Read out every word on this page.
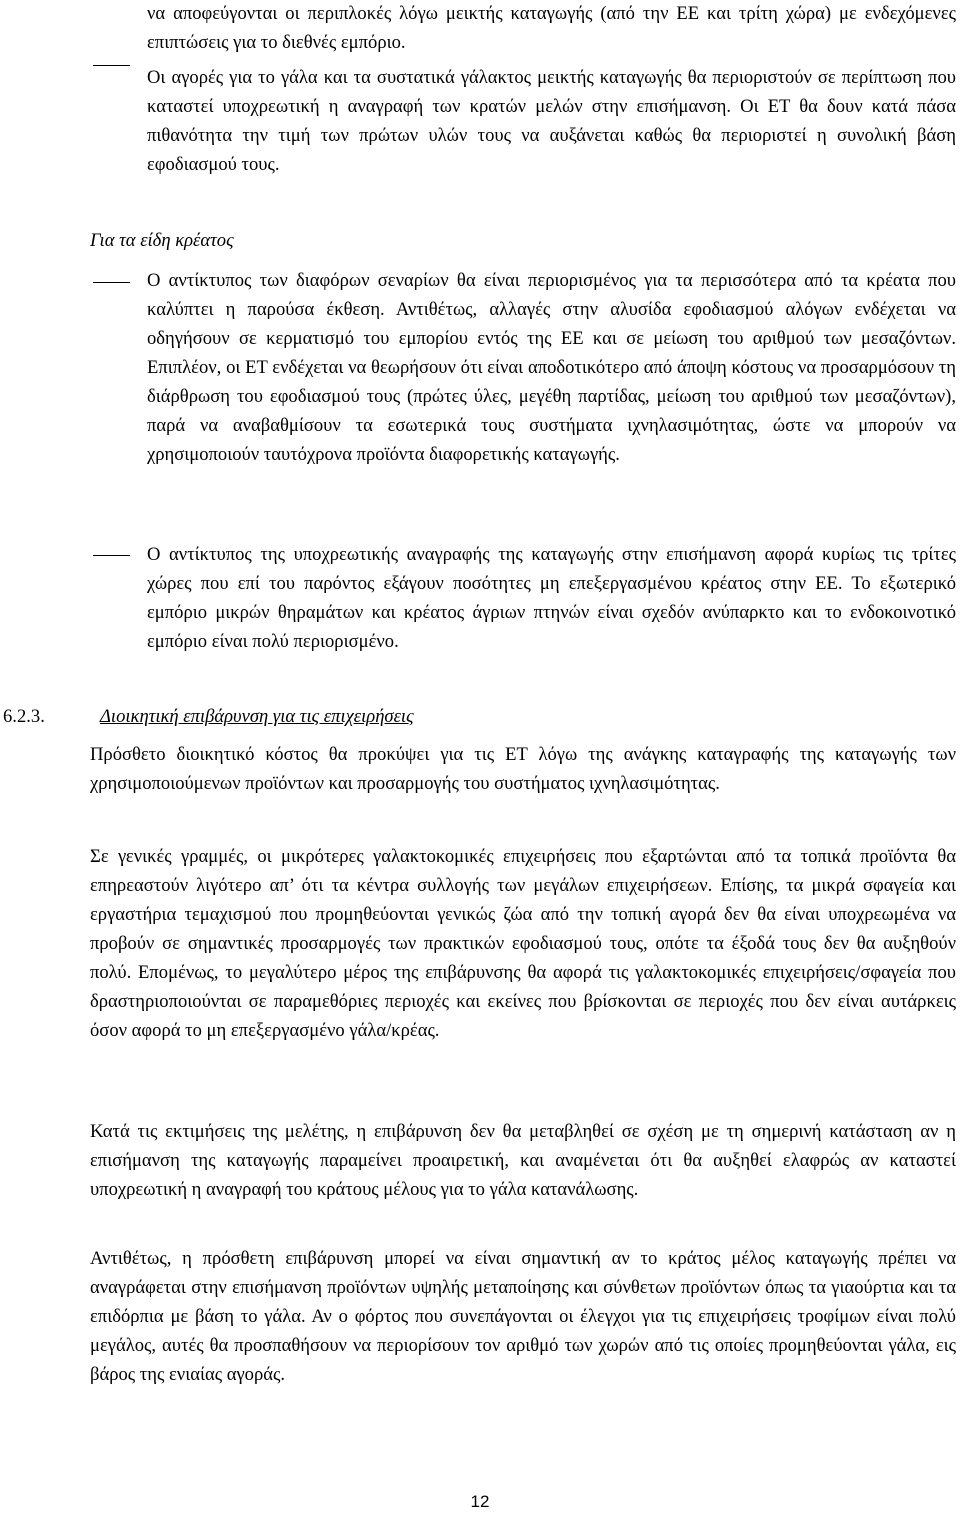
να αποφεύγονται οι περιπλοκές λόγω μεικτής καταγωγής (από την ΕΕ και τρίτη χώρα) με ενδεχόμενες επιπτώσεις για το διεθνές εμπόριο.

Οι αγορές για το γάλα και τα συστατικά γάλακτος μεικτής καταγωγής θα περιοριστούν σε περίπτωση που καταστεί υποχρεωτική η αναγραφή των κρατών μελών στην επισήμανση. Οι ΕΤ θα δουν κατά πάσα πιθανότητα την τιμή των πρώτων υλών τους να αυξάνεται καθώς θα περιοριστεί η συνολική βάση εφοδιασμού τους.

Για τα είδη κρέατος

Ο αντίκτυπος των διαφόρων σεναρίων θα είναι περιορισμένος για τα περισσότερα από τα κρέατα που καλύπτει η παρούσα έκθεση. Αντιθέτως, αλλαγές στην αλυσίδα εφοδιασμού αλόγων ενδέχεται να οδηγήσουν σε κερματισμό του εμπορίου εντός της ΕΕ και σε μείωση του αριθμού των μεσαζόντων. Επιπλέον, οι ΕΤ ενδέχεται να θεωρήσουν ότι είναι αποδοτικότερο από άποψη κόστους να προσαρμόσουν τη διάρθρωση του εφοδιασμού τους (πρώτες ύλες, μεγέθη παρτίδας, μείωση του αριθμού των μεσαζόντων), παρά να αναβαθμίσουν τα εσωτερικά τους συστήματα ιχνηλασιμότητας, ώστε να μπορούν να χρησιμοποιούν ταυτόχρονα προϊόντα διαφορετικής καταγωγής.

Ο αντίκτυπος της υποχρεωτικής αναγραφής της καταγωγής στην επισήμανση αφορά κυρίως τις τρίτες χώρες που επί του παρόντος εξάγουν ποσότητες μη επεξεργασμένου κρέατος στην ΕΕ. Το εξωτερικό εμπόριο μικρών θηραμάτων και κρέατος άγριων πτηνών είναι σχεδόν ανύπαρκτο και το ενδοκοινοτικό εμπόριο είναι πολύ περιορισμένο.

6.2.3.	Διοικητική επιβάρυνση για τις επιχειρήσεις

Πρόσθετο διοικητικό κόστος θα προκύψει για τις ΕΤ λόγω της ανάγκης καταγραφής της καταγωγής των χρησιμοποιούμενων προϊόντων και προσαρμογής του συστήματος ιχνηλασιμότητας.

Σε γενικές γραμμές, οι μικρότερες γαλακτοκομικές επιχειρήσεις που εξαρτώνται από τα τοπικά προϊόντα θα επηρεαστούν λιγότερο απ’ ότι τα κέντρα συλλογής των μεγάλων επιχειρήσεων. Επίσης, τα μικρά σφαγεία και εργαστήρια τεμαχισμού που προμηθεύονται γενικώς ζώα από την τοπική αγορά δεν θα είναι υποχρεωμένα να προβούν σε σημαντικές προσαρμογές των πρακτικών εφοδιασμού τους, οπότε τα έξοδά τους δεν θα αυξηθούν πολύ. Επομένως, το μεγαλύτερο μέρος της επιβάρυνσης θα αφορά τις γαλακτοκομικές επιχειρήσεις/σφαγεία που δραστηριοποιούνται σε παραμεθόριες περιοχές και εκείνες που βρίσκονται σε περιοχές που δεν είναι αυτάρκεις όσον αφορά το μη επεξεργασμένο γάλα/κρέας.

Κατά τις εκτιμήσεις της μελέτης, η επιβάρυνση δεν θα μεταβληθεί σε σχέση με τη σημερινή κατάσταση αν η επισήμανση της καταγωγής παραμείνει προαιρετική, και αναμένεται ότι θα αυξηθεί ελαφρώς αν καταστεί υποχρεωτική η αναγραφή του κράτους μέλους για το γάλα κατανάλωσης.

Αντιθέτως, η πρόσθετη επιβάρυνση μπορεί να είναι σημαντική αν το κράτος μέλος καταγωγής πρέπει να αναγράφεται στην επισήμανση προϊόντων υψηλής μεταποίησης και σύνθετων προϊόντων όπως τα γιαούρτια και τα επιδόρπια με βάση το γάλα. Αν ο φόρτος που συνεπάγονται οι έλεγχοι για τις επιχειρήσεις τροφίμων είναι πολύ μεγάλος, αυτές θα προσπαθήσουν να περιορίσουν τον αριθμό των χωρών από τις οποίες προμηθεύονται γάλα, εις βάρος της ενιαίας αγοράς.

12
